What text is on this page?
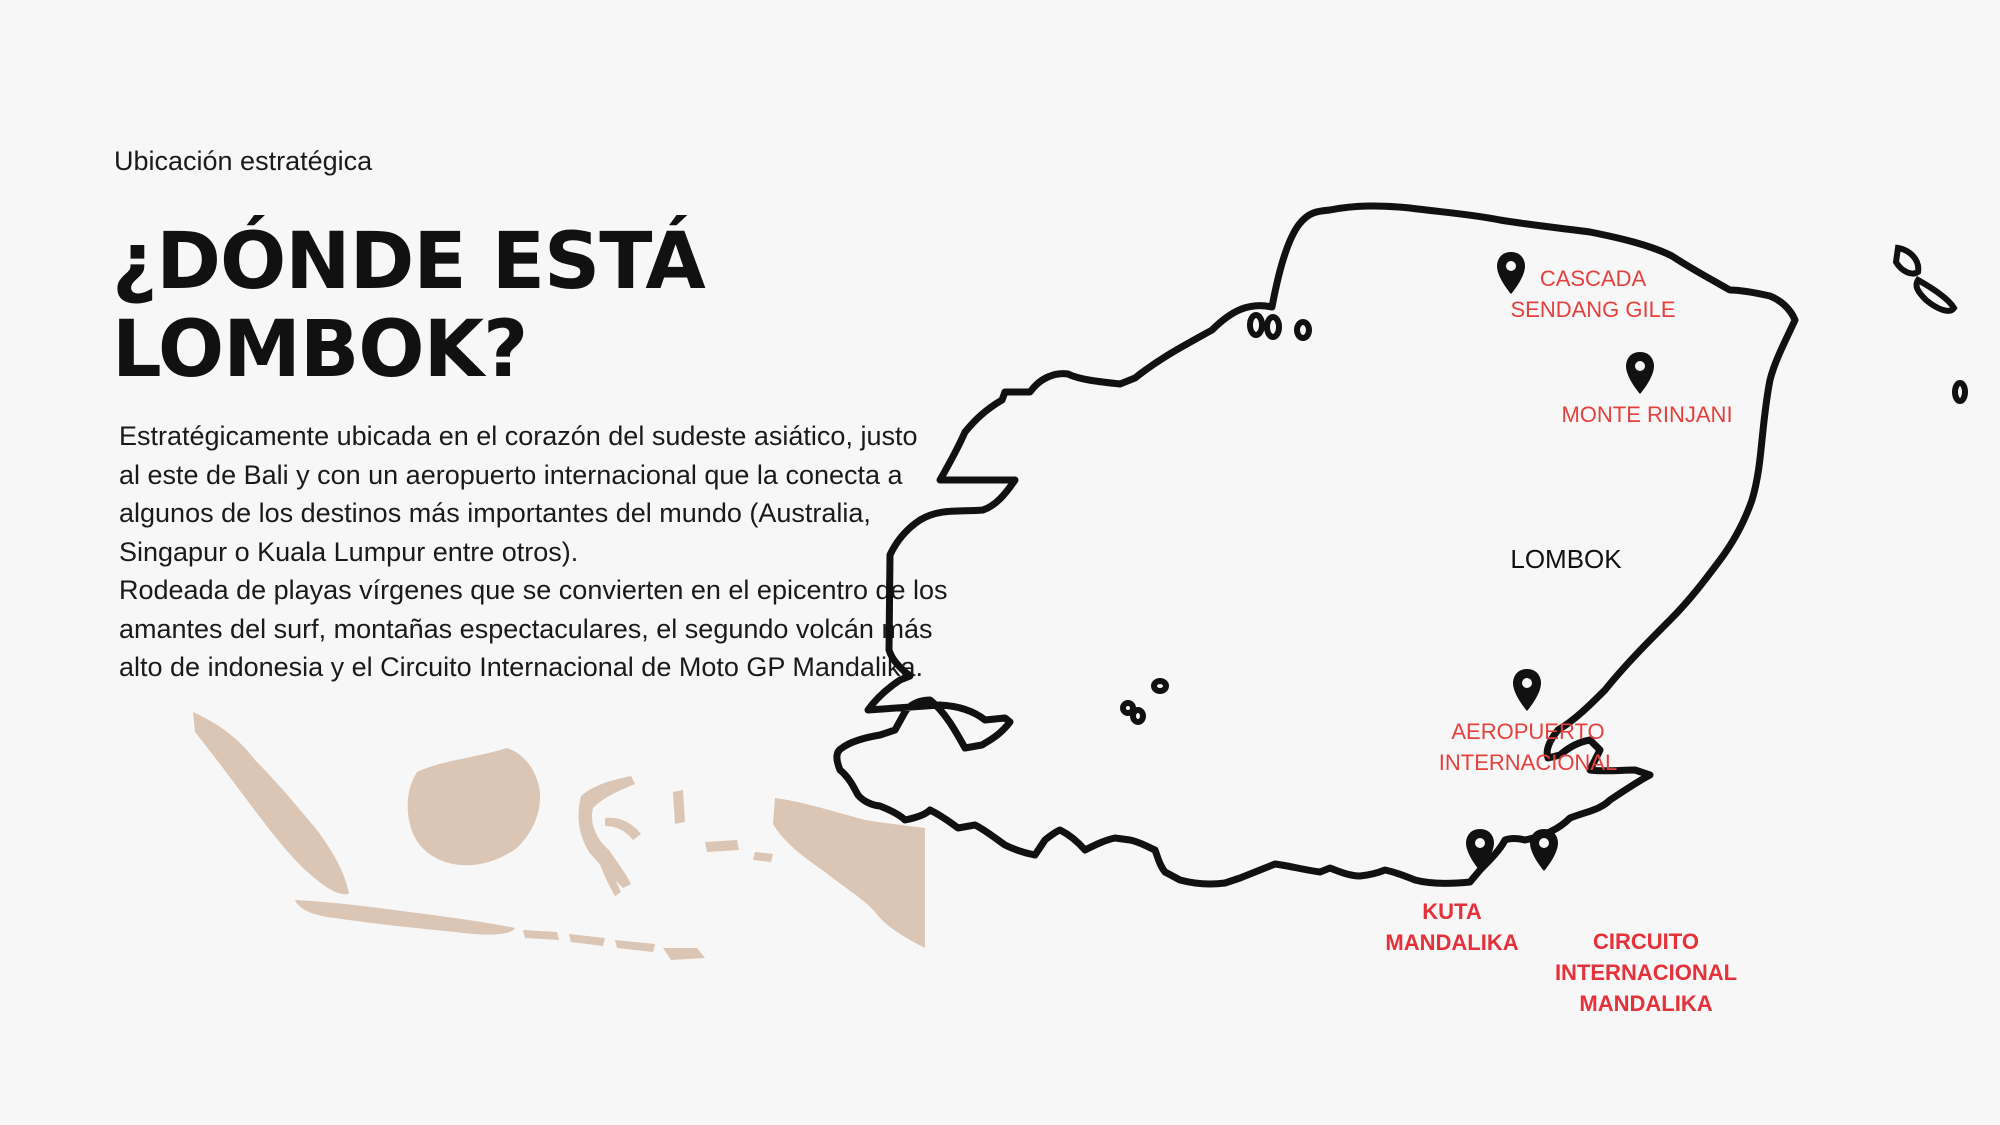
Ubicación estratégica
¿DÓNDE ESTÁ
LOMBOK?

Estratégicamente ubicada en el corazón del sudeste asiático, justo
al este de Bali y con un aeropuerto internacional que la conecta a
algunos de los destinos más importantes del mundo (Australia,
Singapur o Kuala Lumpur entre otros).

Rodeada de playas vírgenes que se convierten en el epicentro de los
amantes del surf, montañas espectaculares, el segundo volcán más
alto de indonesia y el Circuito Internacional de Moto GP Mandalika.

CASCADA
SENDANG GILE
MONTE RINJANI
LOMBOK
AEROPUERTO
INTERNACIONAL
KUTA
MANDALIKA	CIRCUITO
INTERNACIONAL
MANDALIKA
